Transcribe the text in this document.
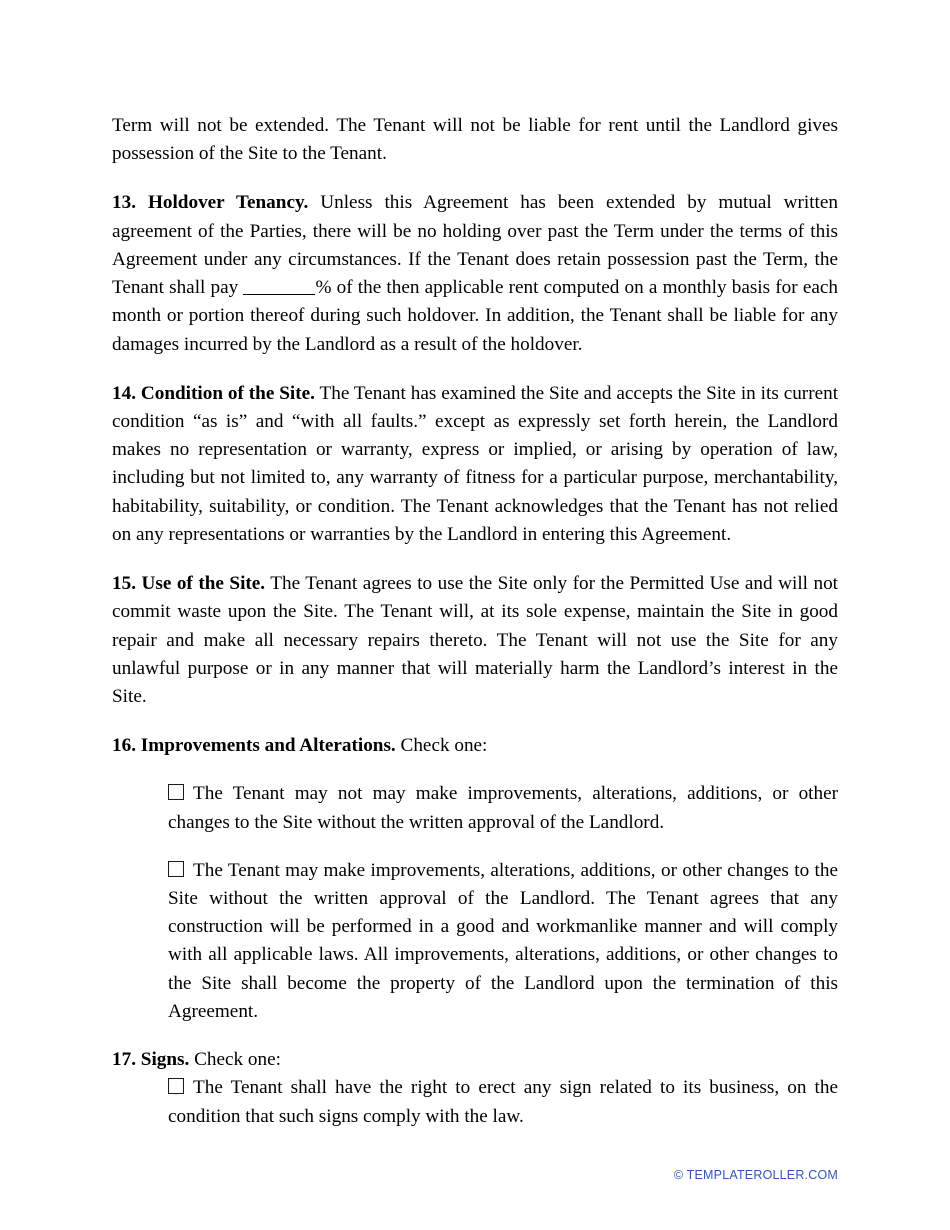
Term will not be extended. The Tenant will not be liable for rent until the Landlord gives possession of the Site to the Tenant.

13. Holdover Tenancy. Unless this Agreement has been extended by mutual written agreement of the Parties, there will be no holding over past the Term under the terms of this Agreement under any circumstances. If the Tenant does retain possession past the Term, the Tenant shall pay	% of the then applicable rent computed on a monthly basis for each month or portion thereof during such holdover. In addition, the Tenant shall be liable for any damages incurred by the Landlord as a result of the holdover.

14. Condition of the Site. The Tenant has examined the Site and accepts the Site in its current condition “as is” and “with all faults.” except as expressly set forth herein, the Landlord makes no representation or warranty, express or implied, or arising by operation of law, including but not limited to, any warranty of fitness for a particular purpose, merchantability, habitability, suitability, or condition. The Tenant acknowledges that the Tenant has not relied on any representations or warranties by the Landlord in entering this Agreement.

15. Use of the Site. The Tenant agrees to use the Site only for the Permitted Use and will not commit waste upon the Site. The Tenant will, at its sole expense, maintain the Site in good repair and make all necessary repairs thereto. The Tenant will not use the Site for any unlawful purpose or in any manner that will materially harm the Landlord’s interest in the Site.

16. Improvements and Alterations. Check one:

The Tenant may not may make improvements, alterations, additions, or other changes to the Site without the written approval of the Landlord.

The Tenant may make improvements, alterations, additions, or other changes to the Site without the written approval of the Landlord. The Tenant agrees that any construction will be performed in a good and workmanlike manner and will comply with all applicable laws. All improvements, alterations, additions, or other changes to the Site shall become the property of the Landlord upon the termination of this Agreement.

17. Signs. Check one:

The Tenant shall have the right to erect any sign related to its business, on the condition that such signs comply with the law.

© TEMPLATEROLLER.COM
